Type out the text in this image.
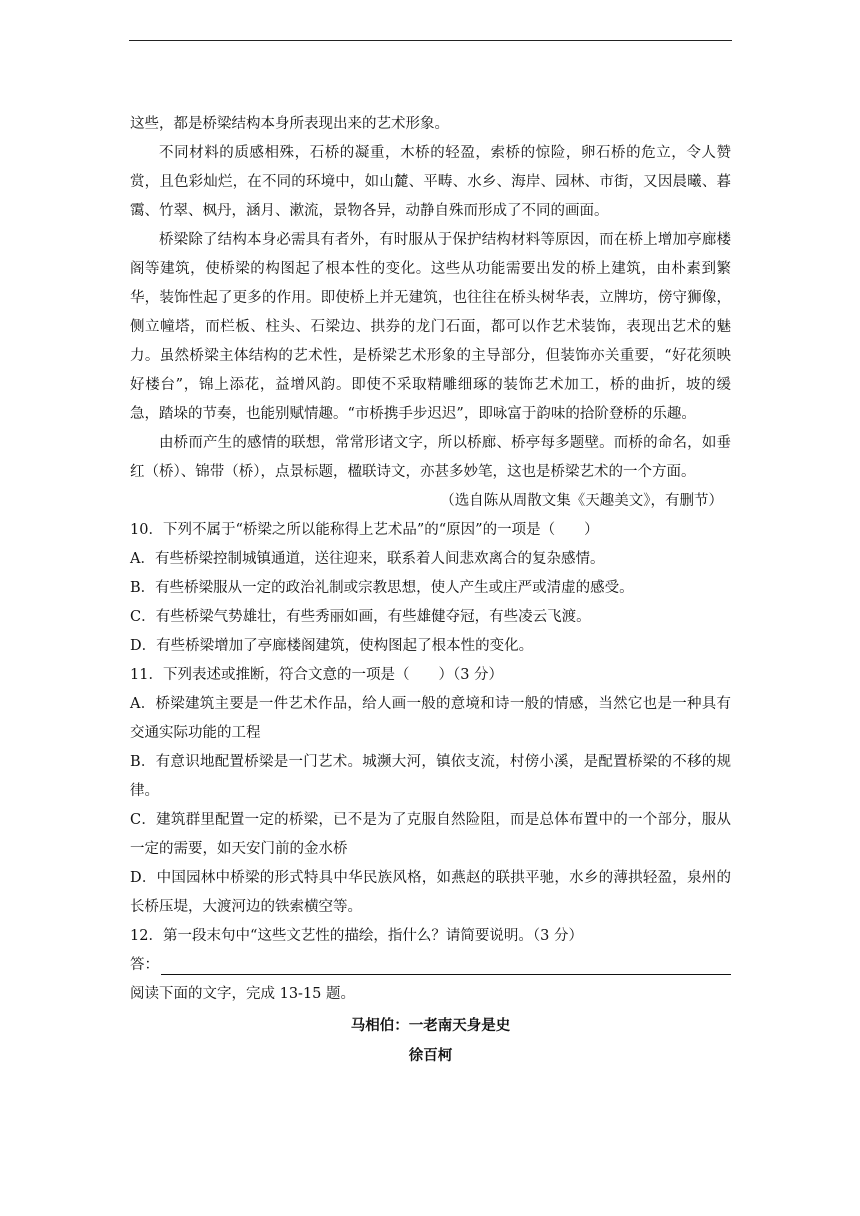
这些，都是桥梁结构本身所表现出来的艺术形象。

不同材料的质感相殊，石桥的凝重，木桥的轻盈，索桥的惊险，卵石桥的危立，令人赞赏，且色彩灿烂，在不同的环境中，如山麓、平畴、水乡、海岸、园林、市街，又因晨曦、暮霭、竹翠、枫丹，涵月、漱流，景物各异，动静自殊而形成了不同的画面。

桥梁除了结构本身必需具有者外，有时服从于保护结构材料等原因，而在桥上增加亭廊楼阁等建筑，使桥梁的构图起了根本性的变化。这些从功能需要出发的桥上建筑，由朴素到繁华，装饰性起了更多的作用。即使桥上并无建筑，也往往在桥头树华表，立牌坊，傍守狮像，侧立幢塔，而栏板、柱头、石梁边、拱券的龙门石面，都可以作艺术装饰，表现出艺术的魅力。虽然桥梁主体结构的艺术性，是桥梁艺术形象的主导部分，但装饰亦关重要，“好花须映好楼台”，锦上添花，益增风韵。即使不采取精雕细琢的装饰艺术加工，桥的曲折，坡的缓急，踏垛的节奏，也能别赋情趣。“市桥携手步迟迟”，即咏富于韵味的拾阶登桥的乐趣。

由桥而产生的感情的联想，常常形诸文字，所以桥廊、桥亭每多题壁。而桥的命名，如垂红（桥）、锦带（桥），点景标题，楹联诗文，亦甚多妙笔，这也是桥梁艺术的一个方面。

（选自陈从周散文集《天趣美文》，有删节）

10．下列不属于“桥梁之所以能称得上艺术品”的“原因”的一项是（　　）

A．有些桥梁控制城镇通道，送往迎来，联系着人间悲欢离合的复杂感情。

B．有些桥梁服从一定的政治礼制或宗教思想，使人产生或庄严或清虚的感受。

C．有些桥梁气势雄壮，有些秀丽如画，有些雄健夺冠，有些凌云飞渡。

D．有些桥梁增加了亭廊楼阁建筑，使构图起了根本性的变化。

11．下列表述或推断，符合文意的一项是（　　）（3 分）

A．桥梁建筑主要是一件艺术作品，给人画一般的意境和诗一般的情感，当然它也是一种具有交通实际功能的工程

B．有意识地配置桥梁是一门艺术。城濒大河，镇依支流，村傍小溪，是配置桥梁的不移的规律。

C．建筑群里配置一定的桥梁，已不是为了克服自然险阻，而是总体布置中的一个部分，服从一定的需要，如天安门前的金水桥

D．中国园林中桥梁的形式特具中华民族风格，如燕赵的联拱平驰，水乡的薄拱轻盈，泉州的长桥压堤，大渡河边的铁索横空等。

12．第一段末句中“这些文艺性的描绘，指什么？请简要说明。（3 分）

答：

阅读下面的文字，完成 13-15 题。

马相伯：一老南天身是史

徐百柯
